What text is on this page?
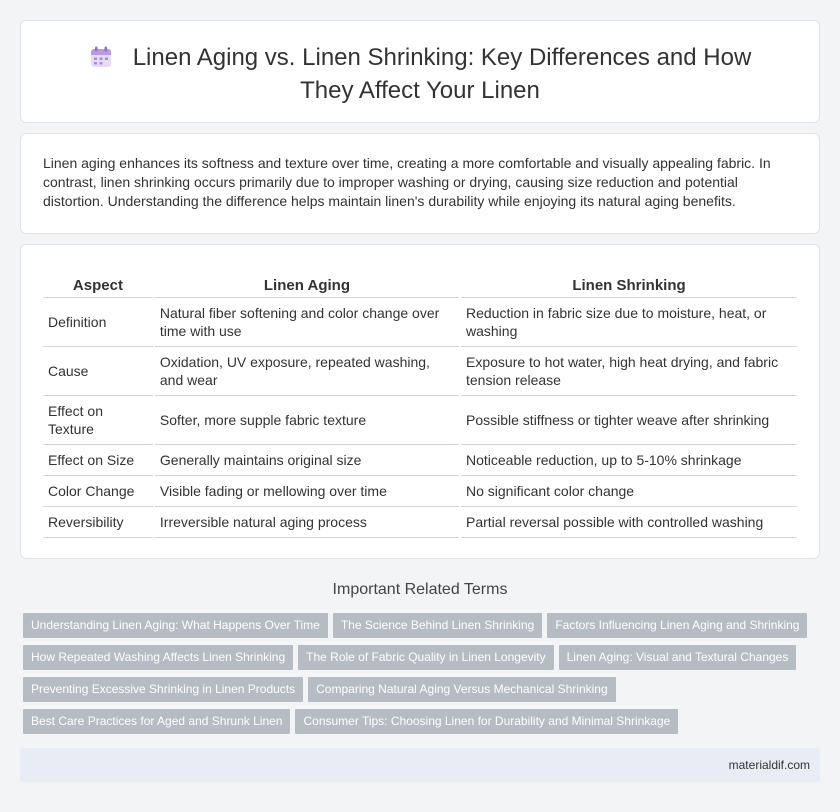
Linen Aging vs. Linen Shrinking: Key Differences and How They Affect Your Linen

Linen aging enhances its softness and texture over time, creating a more comfortable and visually appealing fabric. In contrast, linen shrinking occurs primarily due to improper washing or drying, causing size reduction and potential distortion. Understanding the difference helps maintain linen's durability while enjoying its natural aging benefits.

Aspect	Linen Aging	Linen Shrinking
Definition	Natural fiber softening and color change over time with use	Reduction in fabric size due to moisture, heat, or washing
Cause	Oxidation, UV exposure, repeated washing, and wear	Exposure to hot water, high heat drying, and fabric tension release
Effect on Texture	Softer, more supple fabric texture	Possible stiffness or tighter weave after shrinking
Effect on Size	Generally maintains original size	Noticeable reduction, up to 5-10% shrinkage
Color Change	Visible fading or mellowing over time	No significant color change
Reversibility	Irreversible natural aging process	Partial reversal possible with controlled washing
Important Related Terms
Understanding Linen Aging: What Happens Over Time The Science Behind Linen Shrinking Factors Influencing Linen Aging and Shrinking
How Repeated Washing Affects Linen Shrinking The Role of Fabric Quality in Linen Longevity Linen Aging: Visual and Textural Changes
Preventing Excessive Shrinking in Linen Products Comparing Natural Aging Versus Mechanical Shrinking
Best Care Practices for Aged and Shrunk Linen Consumer Tips: Choosing Linen for Durability and Minimal Shrinkage
materialdif.com
